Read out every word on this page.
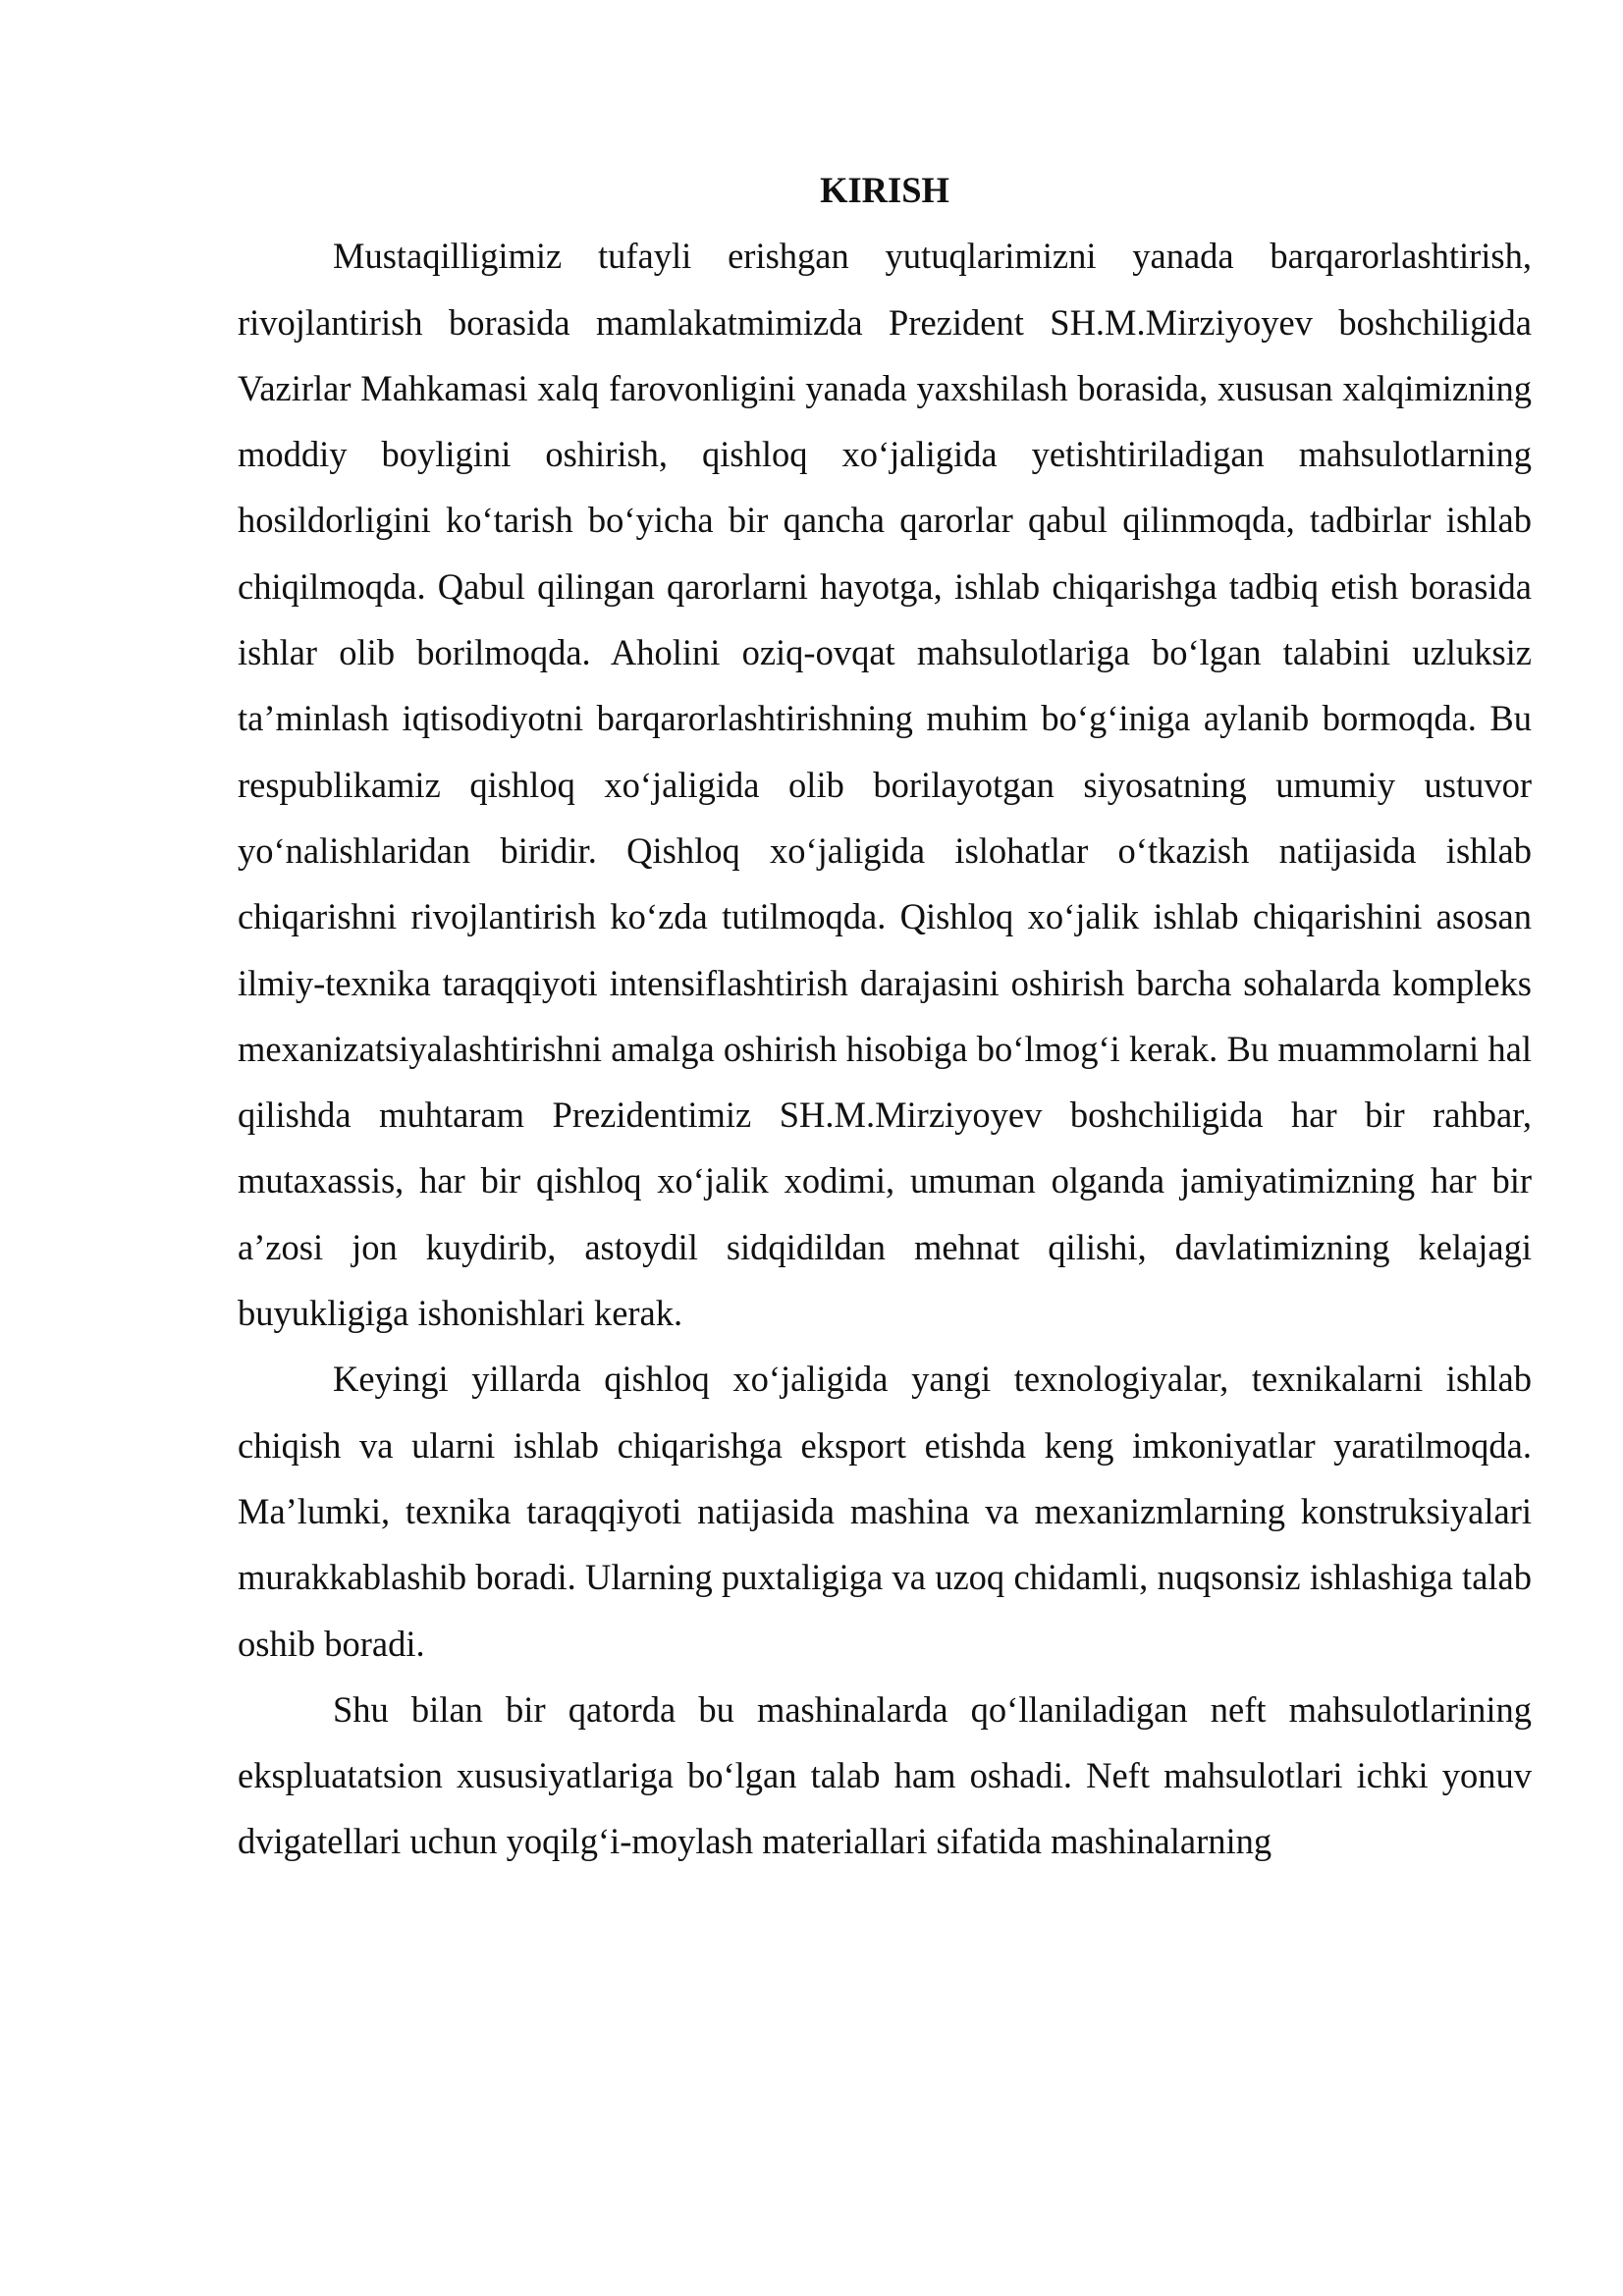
KIRISH

Mustaqilligimiz tufayli erishgan yutuqlarimizni yanada barqarorlashtirish, rivojlantirish borasida mamlakatmimizda Prezident SH.M.Mirziyoyev boshchiligida Vazirlar Mahkamasi xalq farovonligini yanada yaxshilash borasida, xususan xalqimizning moddiy boyligini oshirish, qishloq xo‘jaligida yetishtiriladigan mahsulotlarning hosildorligini ko‘tarish bo‘yicha bir qancha qarorlar qabul qilinmoqda, tadbirlar ishlab chiqilmoqda. Qabul qilingan qarorlarni hayotga, ishlab chiqarishga tadbiq etish borasida ishlar olib borilmoqda. Aholini oziq-ovqat mahsulotlariga bo‘lgan talabini uzluksiz ta’minlash iqtisodiyotni barqarorlashtirishning muhim bo‘g‘iniga aylanib bormoqda. Bu respublikamiz qishloq xo‘jaligida olib borilayotgan siyosatning umumiy ustuvor yo‘nalishlaridan biridir. Qishloq xo‘jaligida islohatlar o‘tkazish natijasida ishlab chiqarishni rivojlantirish ko‘zda tutilmoqda. Qishloq xo‘jalik ishlab chiqarishini asosan ilmiy-texnika taraqqiyoti intensiflashtirish darajasini oshirish barcha sohalarda kompleks mexanizatsiyalashtirishni amalga oshirish hisobiga bo‘lmog‘i kerak. Bu muammolarni hal qilishda muhtaram Prezidentimiz SH.M.Mirziyoyev boshchiligida har bir rahbar, mutaxassis, har bir qishloq xo‘jalik xodimi, umuman olganda jamiyatimizning har bir a’zosi jon kuydirib, astoydil sidqidildan mehnat qilishi, davlatimizning kelajagi buyukligiga ishonishlari kerak.

Keyingi yillarda qishloq xo‘jaligida yangi texnologiyalar, texnikalarni ishlab chiqish va ularni ishlab chiqarishga eksport etishda keng imkoniyatlar yaratilmoqda. Ma’lumki, texnika taraqqiyoti natijasida mashina va mexanizmlarning konstruksiyalari murakkablashib boradi. Ularning puxtaligiga va uzoq chidamli, nuqsonsiz ishlashiga talab oshib boradi.

Shu bilan bir qatorda bu mashinalarda qo‘llaniladigan neft mahsulotlarining ekspluatatsion xususiyatlariga bo‘lgan talab ham oshadi. Neft mahsulotlari ichki yonuv dvigatellari uchun yoqilg‘i-moylash materiallari sifatida mashinalarning
